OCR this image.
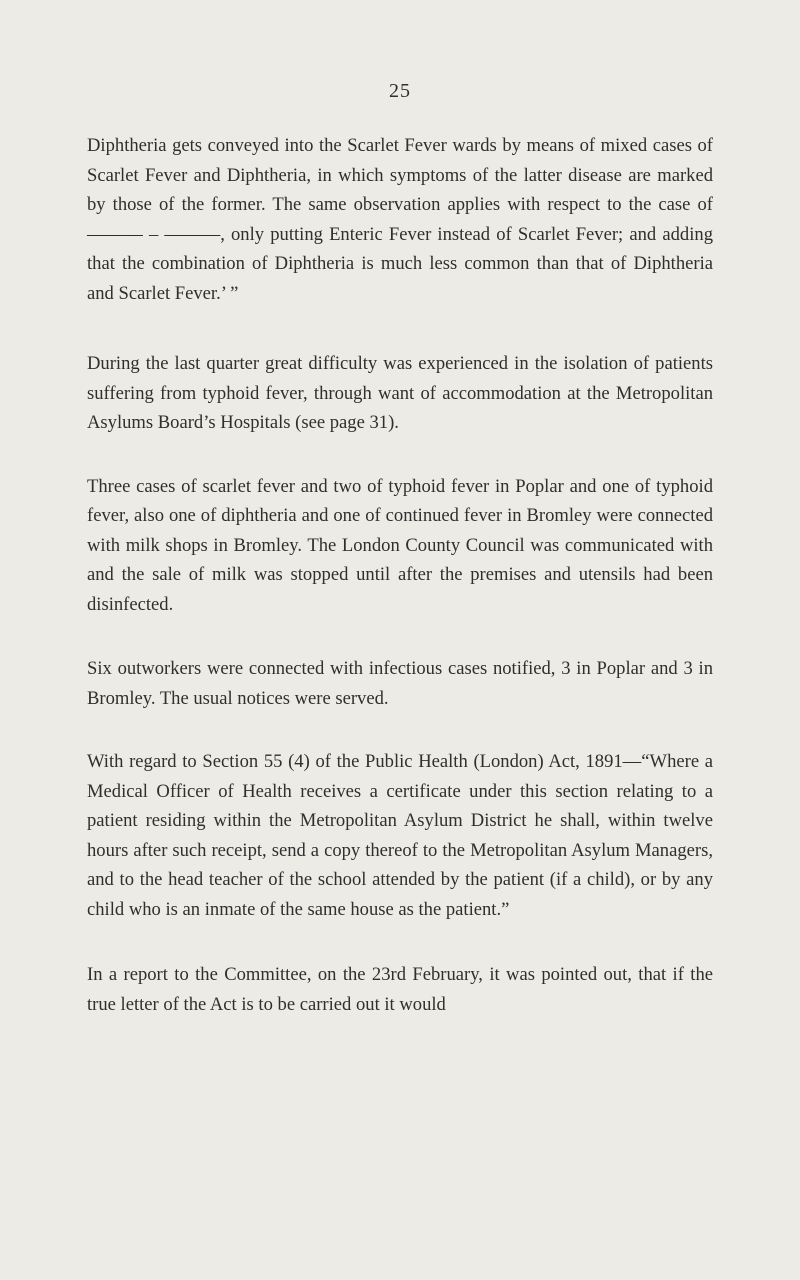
25

Diphtheria gets conveyed into the Scarlet Fever wards by means of mixed cases of Scarlet Fever and Diphtheria, in which symptoms of the latter disease are marked by those of the former. The same observation applies with respect to the case of ——— – ———, only putting Enteric Fever instead of Scarlet Fever; and adding that the combination of Diphtheria is much less common than that of Diphtheria and Scarlet Fever.’ ”

During the last quarter great difficulty was experienced in the isolation of patients suffering from typhoid fever, through want of accommodation at the Metropolitan Asylums Board’s Hospitals (see page 31).

Three cases of scarlet fever and two of typhoid fever in Poplar and one of typhoid fever, also one of diphtheria and one of continued fever in Bromley were connected with milk shops in Bromley. The London County Council was communicated with and the sale of milk was stopped until after the premises and utensils had been disinfected.

Six outworkers were connected with infectious cases notified, 3 in Poplar and 3 in Bromley. The usual notices were served.

With regard to Section 55 (4) of the Public Health (London) Act, 1891—“Where a Medical Officer of Health receives a certificate under this section relating to a patient residing within the Metropolitan Asylum District he shall, within twelve hours after such receipt, send a copy thereof to the Metropolitan Asylum Managers, and to the head teacher of the school attended by the patient (if a child), or by any child who is an inmate of the same house as the patient.”

In a report to the Committee, on the 23rd February, it was pointed out, that if the true letter of the Act is to be carried out it would
